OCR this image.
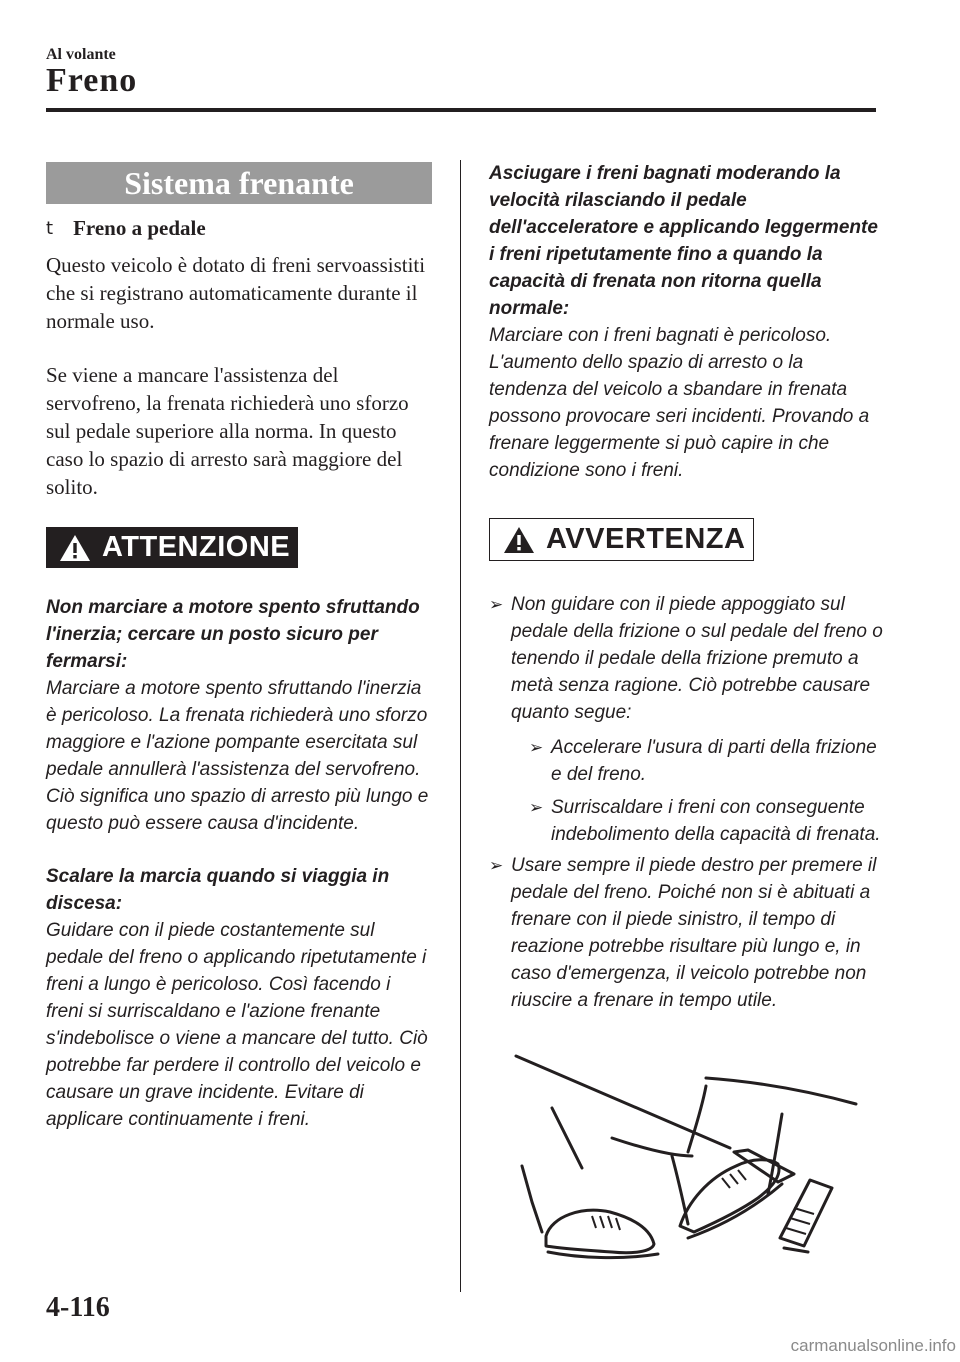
Al volante
Freno
Sistema frenante
t Freno a pedale
Questo veicolo è dotato di freni servoassistiti che si registrano automaticamente durante il normale uso.
Se viene a mancare l'assistenza del servofreno, la frenata richiederà uno sforzo sul pedale superiore alla norma. In questo caso lo spazio di arresto sarà maggiore del solito.
ATTENZIONE
Non marciare a motore spento sfruttando l'inerzia; cercare un posto sicuro per fermarsi:
Marciare a motore spento sfruttando l'inerzia è pericoloso. La frenata richiederà uno sforzo maggiore e l'azione pompante esercitata sul pedale annullerà l'assistenza del servofreno. Ciò significa uno spazio di arresto più lungo e questo può essere causa d'incidente.
Scalare la marcia quando si viaggia in discesa:
Guidare con il piede costantemente sul pedale del freno o applicando ripetutamente i freni a lungo è pericoloso. Così facendo i freni si surriscaldano e l'azione frenante s'indebolisce o viene a mancare del tutto. Ciò potrebbe far perdere il controllo del veicolo e causare un grave incidente. Evitare di applicare continuamente i freni.
Asciugare i freni bagnati moderando la velocità rilasciando il pedale dell'acceleratore e applicando leggermente i freni ripetutamente fino a quando la capacità di frenata non ritorna quella normale:
Marciare con i freni bagnati è pericoloso. L'aumento dello spazio di arresto o la tendenza del veicolo a sbandare in frenata possono provocare seri incidenti. Provando a frenare leggermente si può capire in che condizione sono i freni.
AVVERTENZA
➢ Non guidare con il piede appoggiato sul pedale della frizione o sul pedale del freno o tenendo il pedale della frizione premuto a metà senza ragione. Ciò potrebbe causare quanto segue:
➢ Accelerare l'usura di parti della frizione e del freno.
➢ Surriscaldare i freni con conseguente indebolimento della capacità di frenata.
➢ Usare sempre il piede destro per premere il pedale del freno. Poiché non si è abituati a frenare con il piede sinistro, il tempo di reazione potrebbe risultare più lungo e, in caso d'emergenza, il veicolo potrebbe non riuscire a frenare in tempo utile.
4-116
carmanualsonline.info
